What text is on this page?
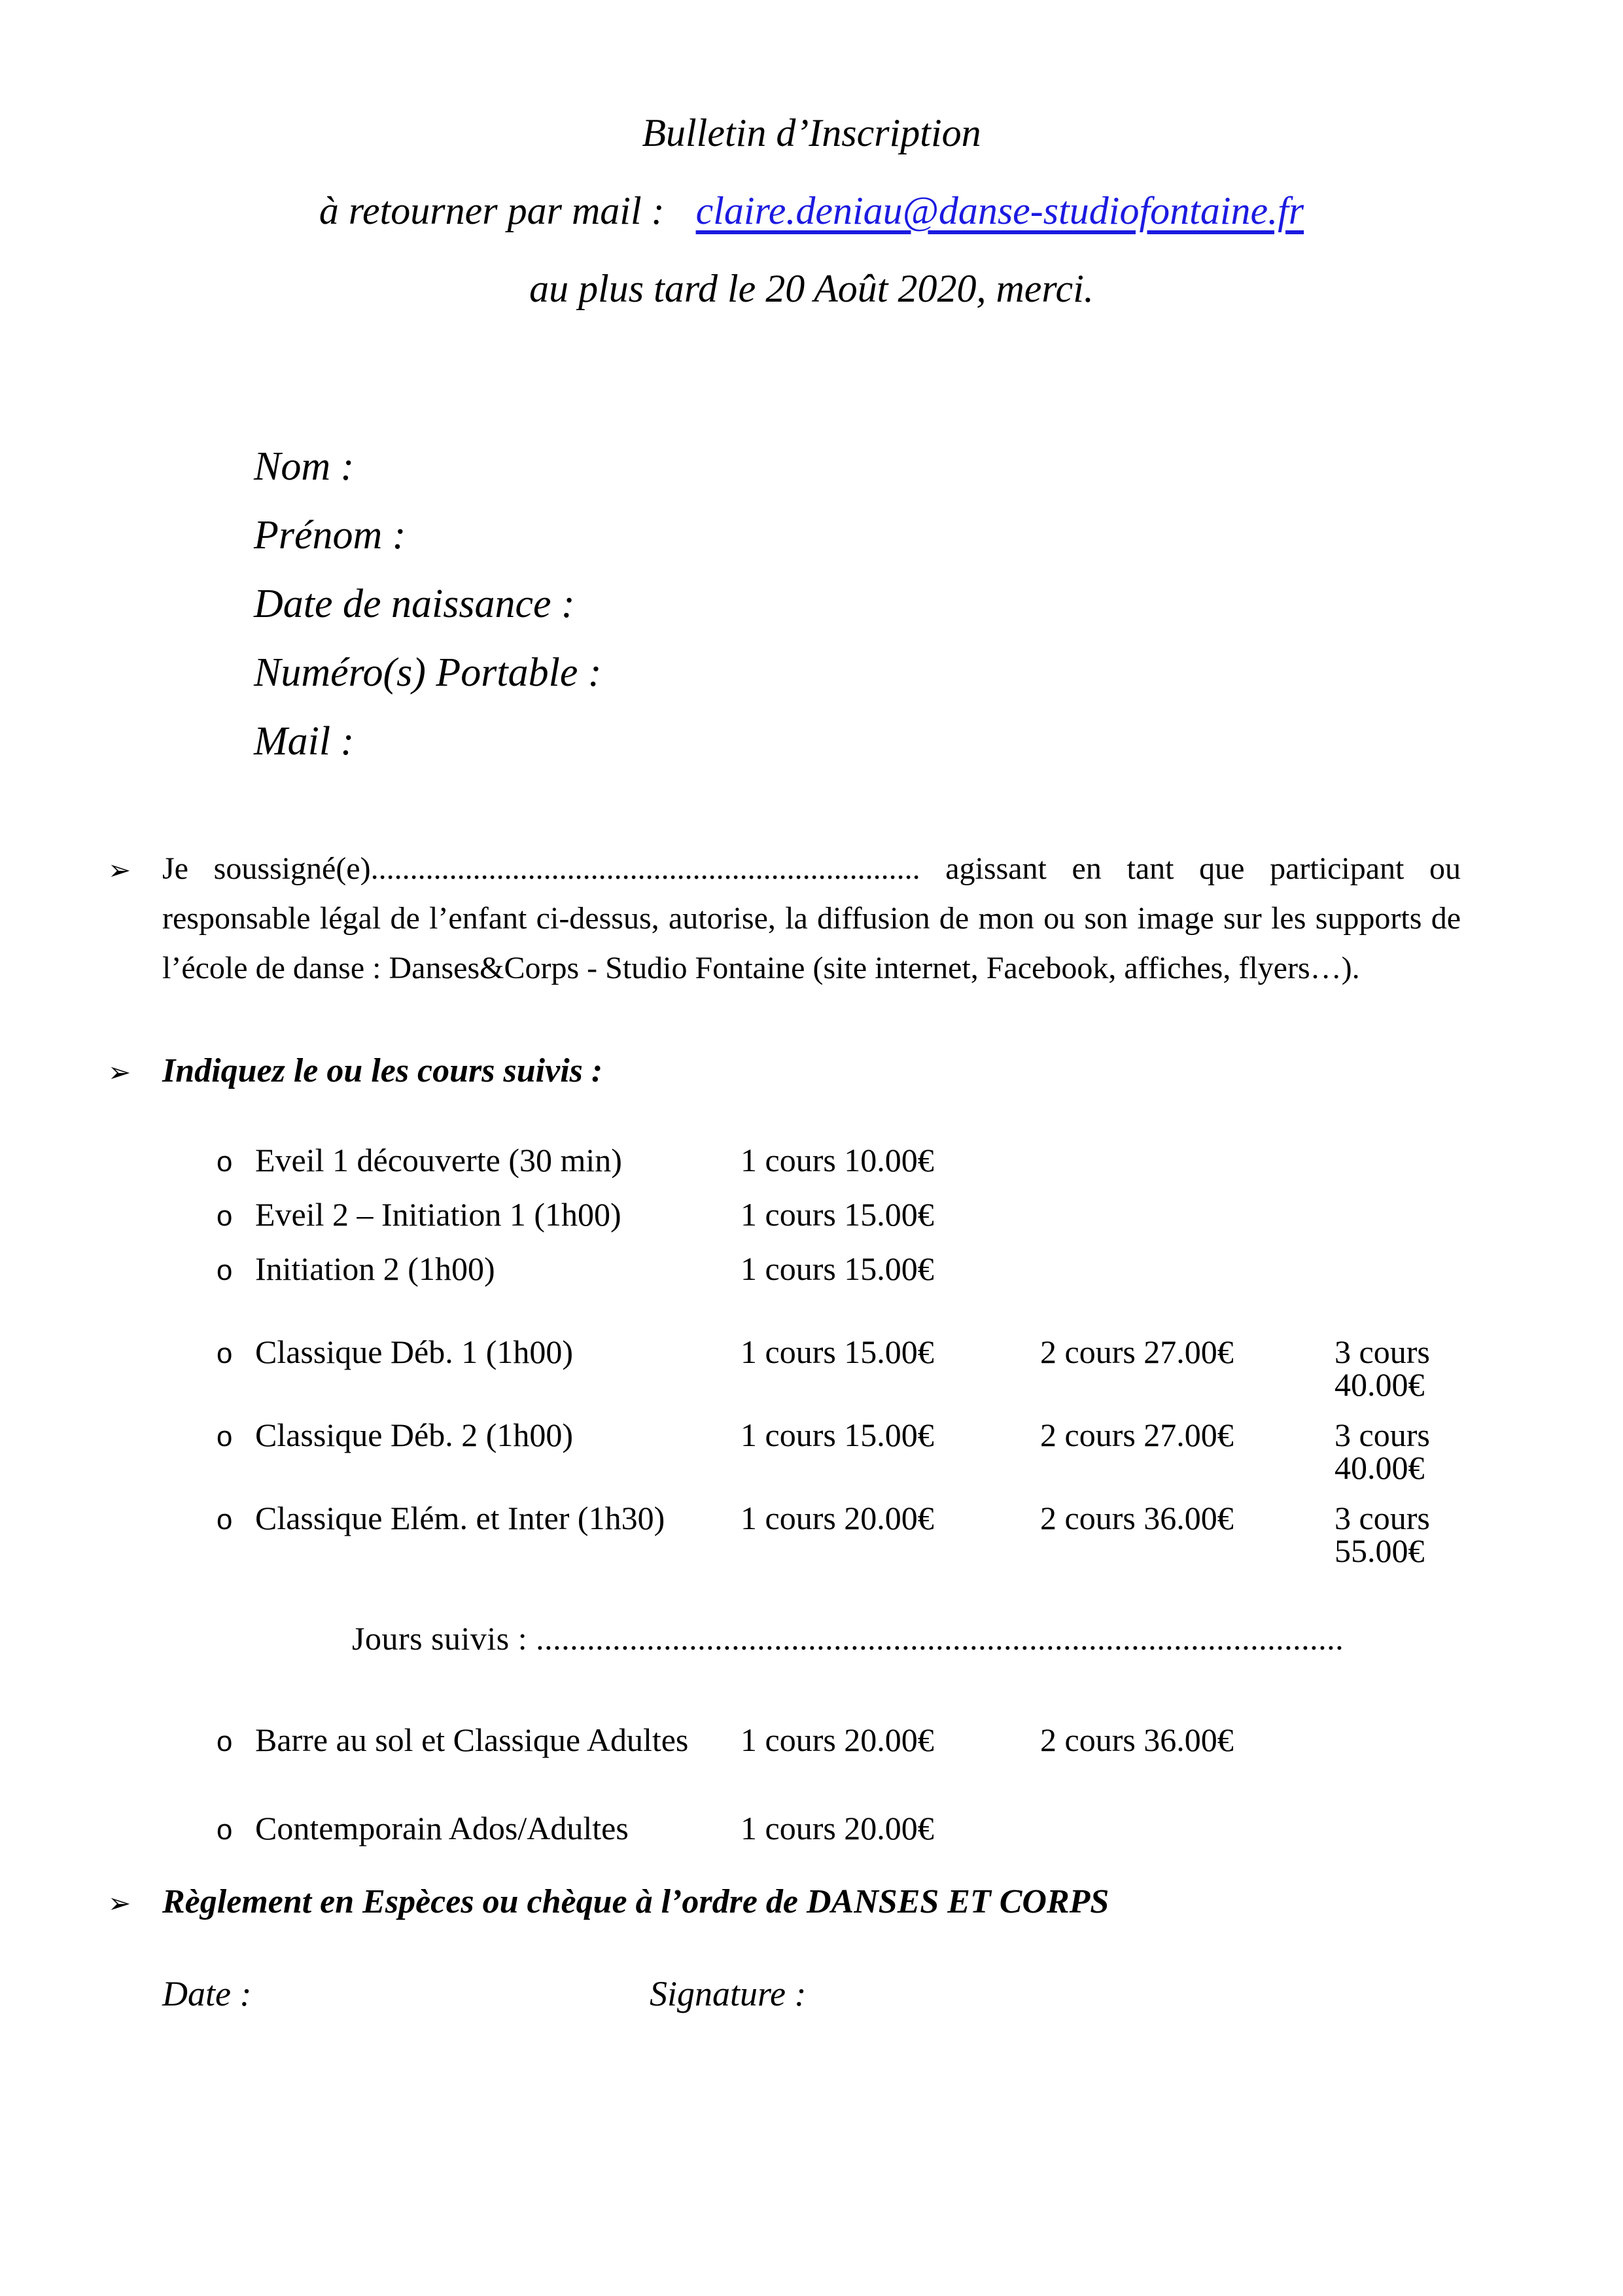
Bulletin d’Inscription
à retourner par mail : claire.deniau@danse-studiofontaine.fr
au plus tard le 20 Août 2020, merci.
Nom :
Prénom :
Date de naissance :
Numéro(s) Portable :
Mail :
➢ Je soussigné(e)...................................................................... agissant en tant que participant ou
responsable légal de l’enfant ci-dessus, autorise, la diffusion de mon ou son image sur les supports de
l’école de danse : Danses&Corps - Studio Fontaine (site internet, Facebook, affiches, flyers…).
➢ Indiquez le ou les cours suivis :
o Eveil 1 découverte (30 min)	1 cours 10.00€
o Eveil 2 – Initiation 1 (1h00)	1 cours 15.00€
o Initiation 2 (1h00)	1 cours 15.00€
o Classique Déb. 1 (1h00)	1 cours 15.00€	2 cours 27.00€	3 cours 40.00€
o Classique Déb. 2 (1h00)	1 cours 15.00€	2 cours 27.00€	3 cours 40.00€
o Classique Elém. et Inter (1h30)	1 cours 20.00€	2 cours 36.00€	3 cours 55.00€
Jours suivis : ...............................................................................................
o Barre au sol et Classique Adultes	1 cours 20.00€	2 cours 36.00€
o Contemporain Ados/Adultes	1 cours 20.00€
➢ Règlement en Espèces ou chèque à l’ordre de DANSES ET CORPS
Date :	Signature :
